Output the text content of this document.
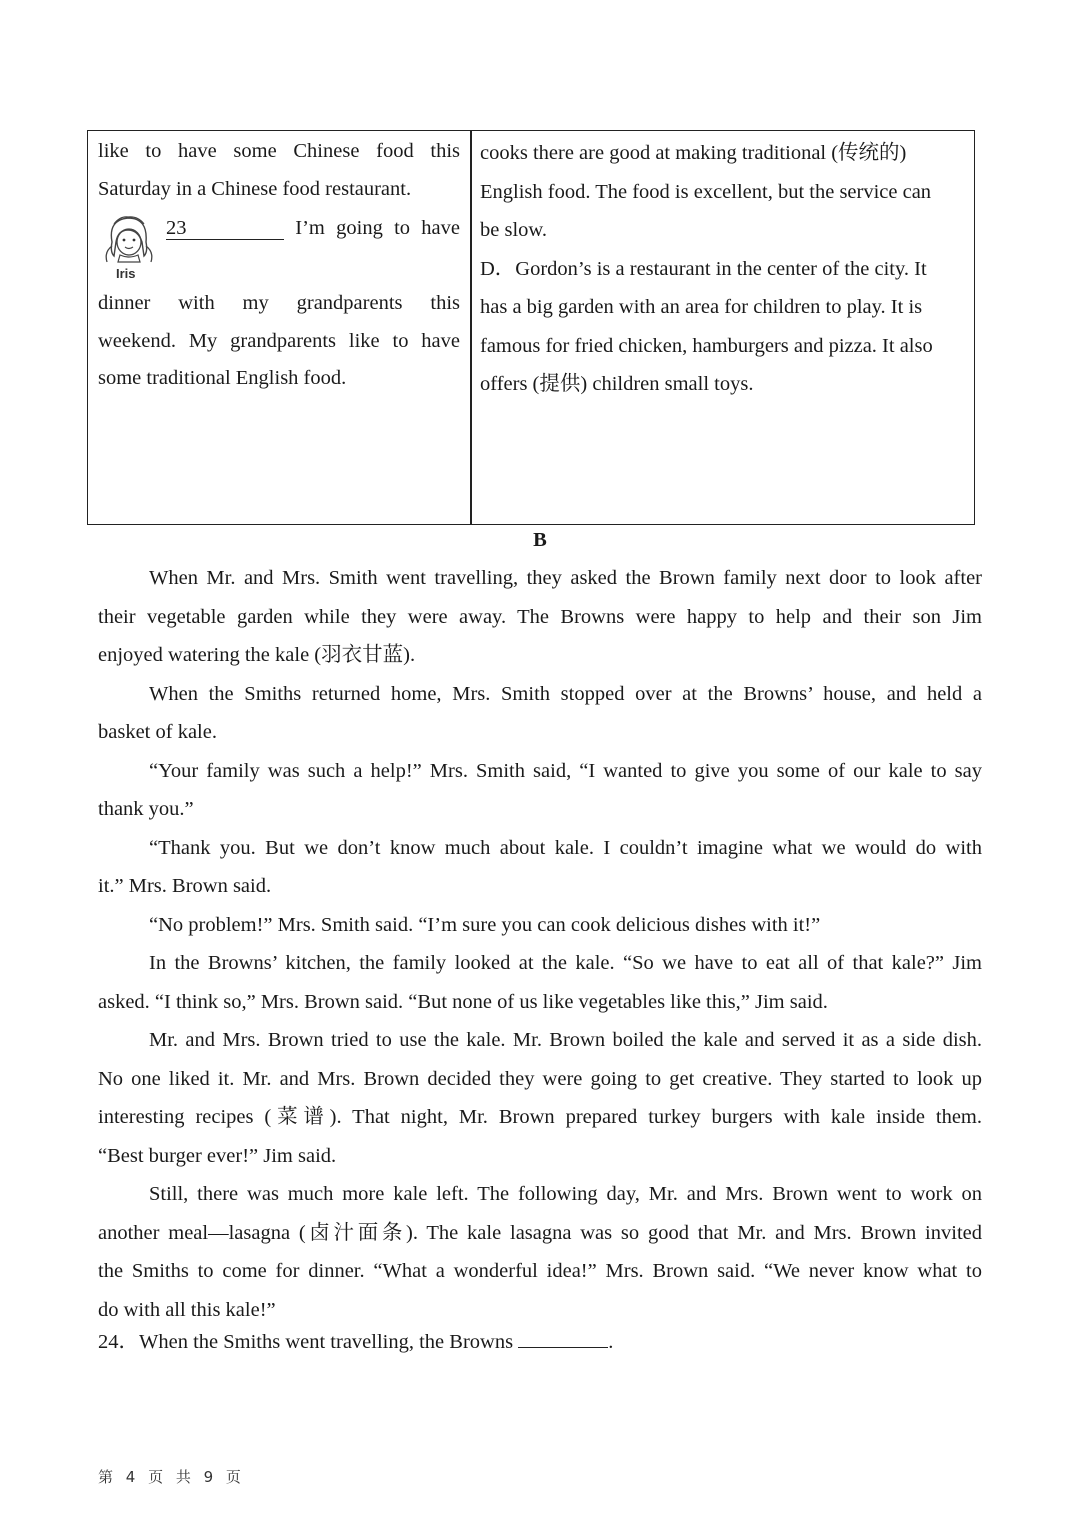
like to have some Chinese food this
Saturday in a Chinese food restaurant.
Iris
23	I’m going to have
dinner with my grandparents this
weekend. My grandparents like to have
some traditional English food.
cooks there are good at making traditional (传统的)
English food. The food is excellent, but the service can
be slow.
D．Gordon’s is a restaurant in the center of the city. It
has a big garden with an area for children to play. It is
famous for fried chicken, hamburgers and pizza. It also
offers (提供) children small toys.
B

When Mr. and Mrs. Smith went travelling, they asked the Brown family next door to look after
their vegetable garden while they were away. The Browns were happy to help and their son Jim
enjoyed watering the kale (羽衣甘蓝).

When the Smiths returned home, Mrs. Smith stopped over at the Browns’ house, and held a
basket of kale.

“Your family was such a help!” Mrs. Smith said, “I wanted to give you some of our kale to say
thank you.”

“Thank you. But we don’t know much about kale. I couldn’t imagine what we would do with
it.” Mrs. Brown said.

“No problem!” Mrs. Smith said. “I’m sure you can cook delicious dishes with it!”

In the Browns’ kitchen, the family looked at the kale. “So we have to eat all of that kale?” Jim
asked. “I think so,” Mrs. Brown said. “But none of us like vegetables like this,” Jim said.

Mr. and Mrs. Brown tried to use the kale. Mr. Brown boiled the kale and served it as a side dish.
No one liked it. Mr. and Mrs. Brown decided they were going to get creative. They started to look up
interesting recipes (菜谱). That night, Mr. Brown prepared turkey burgers with kale inside them.
“Best burger ever!” Jim said.

Still, there was much more kale left. The following day, Mr. and Mrs. Brown went to work on
another meal—lasagna (卤汁面条). The kale lasagna was so good that Mr. and Mrs. Brown invited
the Smiths to come for dinner. “What a wonderful idea!” Mrs. Brown said. “We never know what to
do with all this kale!”

24．When the Smiths went travelling, the Browns	.
第 4 页 共 9 页
